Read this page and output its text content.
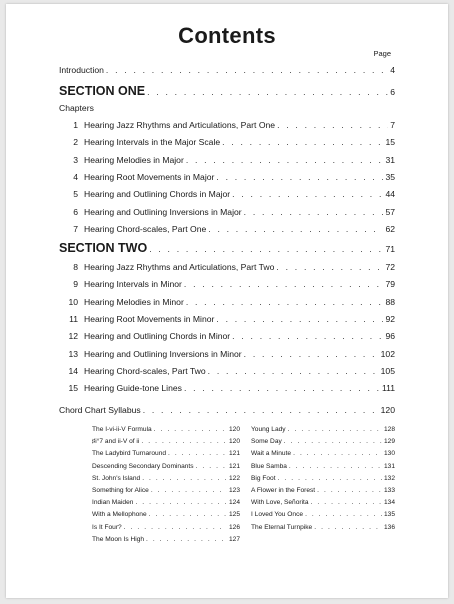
Contents
Page
Introduction . . .	4
SECTION ONE . . .	6
Chapters
1 Hearing Jazz Rhythms and Articulations, Part One . . .	7
2 Hearing Intervals in the Major Scale . . .	15
3 Hearing Melodies in Major . . .	31
4 Hearing Root Movements in Major . . .	35
5 Hearing and Outlining Chords in Major . . .	44
6 Hearing and Outlining Inversions in Major . . .	57
7 Hearing Chord-scales, Part One . . .	62
SECTION TWO . . .	71
8 Hearing Jazz Rhythms and Articulations, Part Two . . .	72
9 Hearing Intervals in Minor . . .	79
10 Hearing Melodies in Minor . . .	88
11 Hearing Root Movements in Minor . . .	92
12 Hearing and Outlining Chords in Minor . . .	96
13 Hearing and Outlining Inversions in Minor . . .	102
14 Hearing Chord-scales, Part Two . . .	105
15 Hearing Guide-tone Lines . . .	111
Chord Chart Syllabus . . .	120
The I-vi-ii-V Formula . . .	120
♯i°7 and ii-V of ii . . .	120
The Ladybird Turnaround . . .	121
Descending Secondary Dominants . . .	121
St. John's Island . . .	122
Something for Alice . . .	123
Indian Maiden . . .	124
With a Mellophone . . .	125
Is It Four? . . .	126
The Moon Is High . . .	127
Young Lady . . .	128
Some Day . . .	129
Wait a Minute . . .	130
Blue Samba . . .	131
Big Foot . . .	132
A Flower in the Forest . . .	133
With Love, Señorita . . .	134
I Loved You Once . . .	135
The Eternal Turnpike . . .	136
